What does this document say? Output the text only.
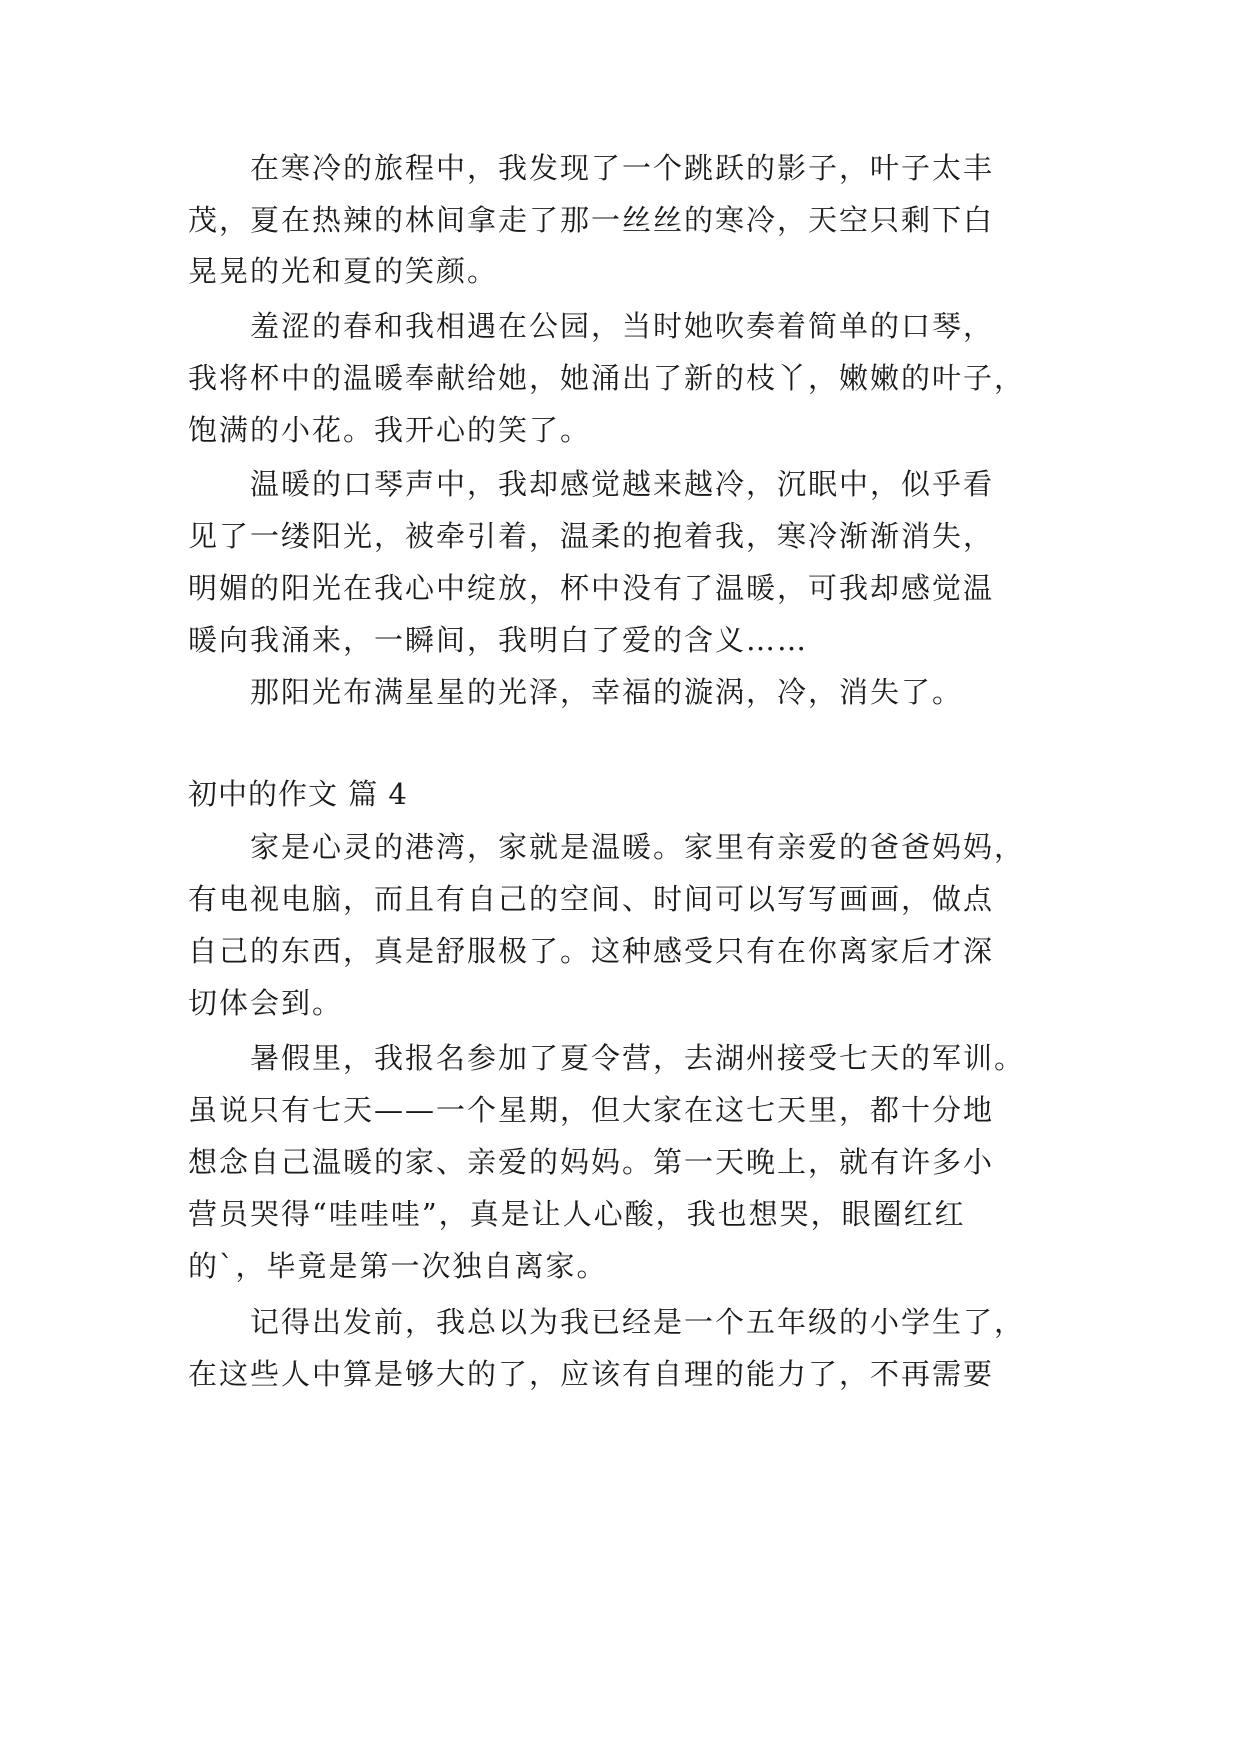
在寒冷的旅程中，我发现了一个跳跃的影子，叶子太丰
茂，夏在热辣的林间拿走了那一丝丝的寒冷，天空只剩下白
晃晃的光和夏的笑颜。
羞涩的春和我相遇在公园，当时她吹奏着简单的口琴，
我将杯中的温暖奉献给她，她涌出了新的枝丫，嫩嫩的叶子，
饱满的小花。我开心的笑了。
温暖的口琴声中，我却感觉越来越冷，沉眠中，似乎看
见了一缕阳光，被牵引着，温柔的抱着我，寒冷渐渐消失，
明媚的阳光在我心中绽放，杯中没有了温暖，可我却感觉温
暖向我涌来，一瞬间，我明白了爱的含义……
那阳光布满星星的光泽，幸福的漩涡，冷，消失了。
初中的作文 篇 4
家是心灵的港湾，家就是温暖。家里有亲爱的爸爸妈妈，
有电视电脑，而且有自己的空间、时间可以写写画画，做点
自己的东西，真是舒服极了。这种感受只有在你离家后才深
切体会到。
暑假里，我报名参加了夏令营，去湖州接受七天的军训。
虽说只有七天——一个星期，但大家在这七天里，都十分地
想念自己温暖的家、亲爱的妈妈。第一天晚上，就有许多小
营员哭得“哇哇哇”，真是让人心酸，我也想哭，眼圈红红
的`，毕竟是第一次独自离家。
记得出发前，我总以为我已经是一个五年级的小学生了，
在这些人中算是够大的了，应该有自理的能力了，不再需要
